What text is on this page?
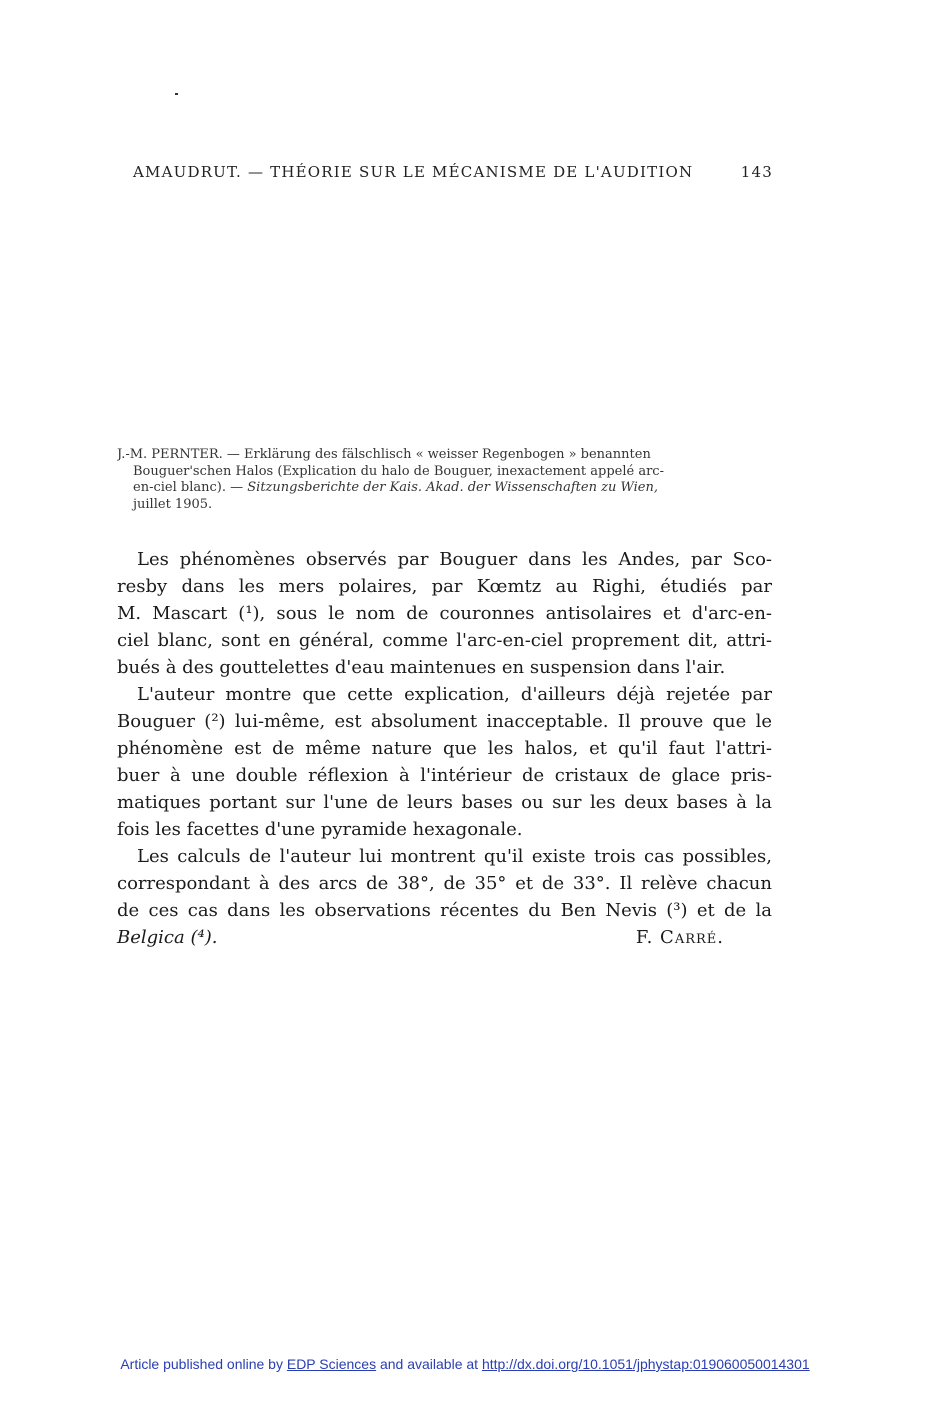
AMAUDRUT. — THÉORIE SUR LE MÉCANISME DE L'AUDITION	143
J.-M. PERNTER. — Erklärung des fälschlisch « weisser Regenbogen » benannten
Bouguer'schen Halos (Explication du halo de Bouguer, inexactement appelé arc-
en-ciel blanc). — Sitzungsberichte der Kais. Akad. der Wissenschaften zu Wien,
juillet 1905.
Les phénomènes observés par Bouguer dans les Andes, par Sco-
resby dans les mers polaires, par Kœmtz au Righi, étudiés par
M. Mascart (¹), sous le nom de couronnes antisolaires et d'arc-en-
ciel blanc, sont en général, comme l'arc-en-ciel proprement dit, attri-
bués à des gouttelettes d'eau maintenues en suspension dans l'air.
L'auteur montre que cette explication, d'ailleurs déjà rejetée par
Bouguer (²) lui-même, est absolument inacceptable. Il prouve que le
phénomène est de même nature que les halos, et qu'il faut l'attri-
buer à une double réflexion à l'intérieur de cristaux de glace pris-
matiques portant sur l'une de leurs bases ou sur les deux bases à la
fois les facettes d'une pyramide hexagonale.
Les calculs de l'auteur lui montrent qu'il existe trois cas possibles,
correspondant à des arcs de 38°, de 35° et de 33°. Il relève chacun
de ces cas dans les observations récentes du Ben Nevis (³) et de la
Belgica (⁴).	F. Carré.
Article published online by EDP Sciences and available at http://dx.doi.org/10.1051/jphystap:019060050014301
